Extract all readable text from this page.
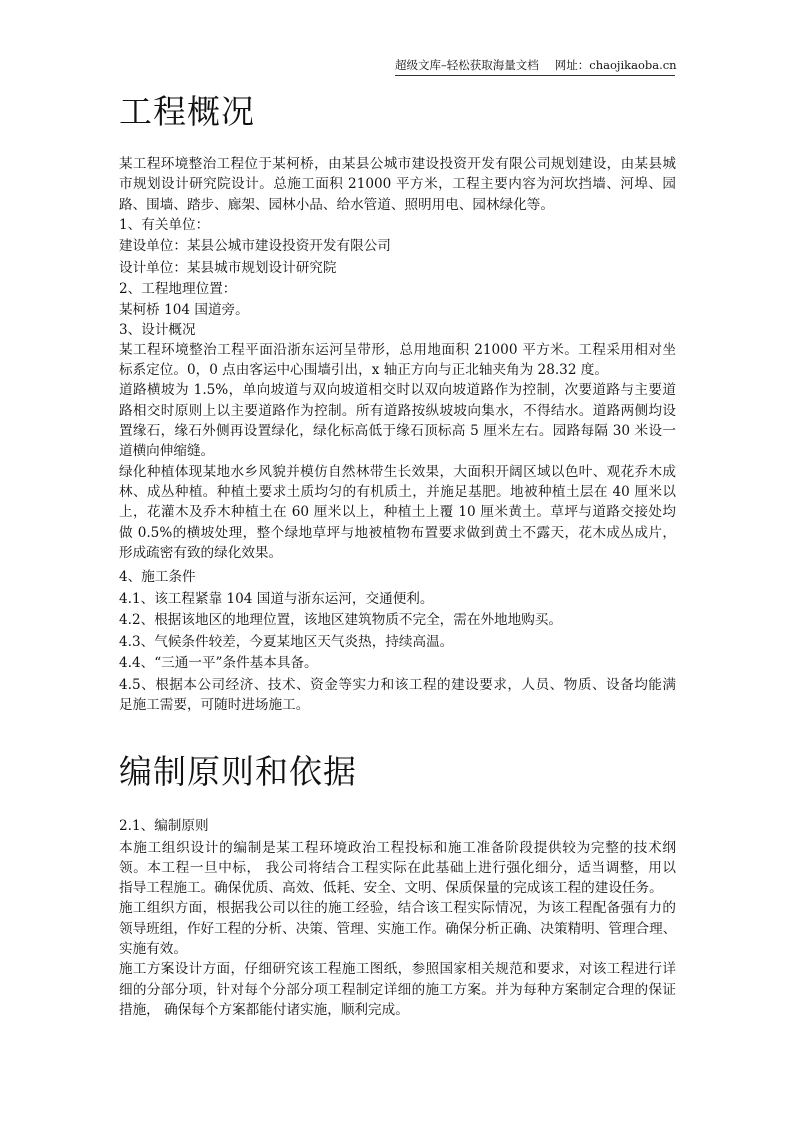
超级文库–轻松获取海量文档 网址：chaojikaoba.cn
工程概况
某工程环境整治工程位于某柯桥，由某县公城市建设投资开发有限公司规划建设，由某县城
市规划设计研究院设计。总施工面积 21000 平方米，工程主要内容为河坎挡墙、河埠、园
路、围墙、踏步、廊架、园林小品、给水管道、照明用电、园林绿化等。
1、有关单位：
建设单位：某县公城市建设投资开发有限公司
设计单位：某县城市规划设计研究院
2、工程地理位置：
某柯桥 104 国道旁。
3、设计概况
某工程环境整治工程平面沿浙东运河呈带形，总用地面积 21000 平方米。工程采用相对坐
标系定位。0，0 点由客运中心围墙引出，x 轴正方向与正北轴夹角为 28.32 度。
道路横坡为 1.5%，单向坡道与双向坡道相交时以双向坡道路作为控制，次要道路与主要道
路相交时原则上以主要道路作为控制。所有道路按纵坡坡向集水，不得结水。道路两侧均设
置缘石，缘石外侧再设置绿化，绿化标高低于缘石顶标高 5 厘米左右。园路每隔 30 米设一
道横向伸缩缝。
绿化种植体现某地水乡风貌并模仿自然林带生长效果，大面积开阔区域以色叶、观花乔木成
林、成丛种植。种植土要求土质均匀的有机质土，并施足基肥。地被种植土层在 40 厘米以
上，花灌木及乔木种植土在 60 厘米以上，种植土上覆 10 厘米黄土。草坪与道路交接处均
做 0.5%的横坡处理，整个绿地草坪与地被植物布置要求做到黄土不露天，花木成丛成片，
形成疏密有致的绿化效果。
4、施工条件
4.1、该工程紧靠 104 国道与浙东运河，交通便利。
4.2、根据该地区的地理位置，该地区建筑物质不完全，需在外地地购买。
4.3、气候条件较差，今夏某地区天气炎热，持续高温。
4.4、“三通一平”条件基本具备。
4.5、根据本公司经济、技术、资金等实力和该工程的建设要求，人员、物质、设备均能满
足施工需要，可随时进场施工。
编制原则和依据
2.1、编制原则
本施工组织设计的编制是某工程环境政治工程投标和施工准备阶段提供较为完整的技术纲
领。本工程一旦中标， 我公司将结合工程实际在此基础上进行强化细分，适当调整，用以
指导工程施工。确保优质、高效、低耗、安全、文明、保质保量的完成该工程的建设任务。
施工组织方面，根据我公司以往的施工经验，结合该工程实际情况，为该工程配备强有力的
领导班组，作好工程的分析、决策、管理、实施工作。确保分析正确、决策精明、管理合理、
实施有效。
施工方案设计方面，仔细研究该工程施工图纸，参照国家相关规范和要求，对该工程进行详
细的分部分项，针对每个分部分项工程制定详细的施工方案。并为每种方案制定合理的保证
措施， 确保每个方案都能付诸实施，顺利完成。
